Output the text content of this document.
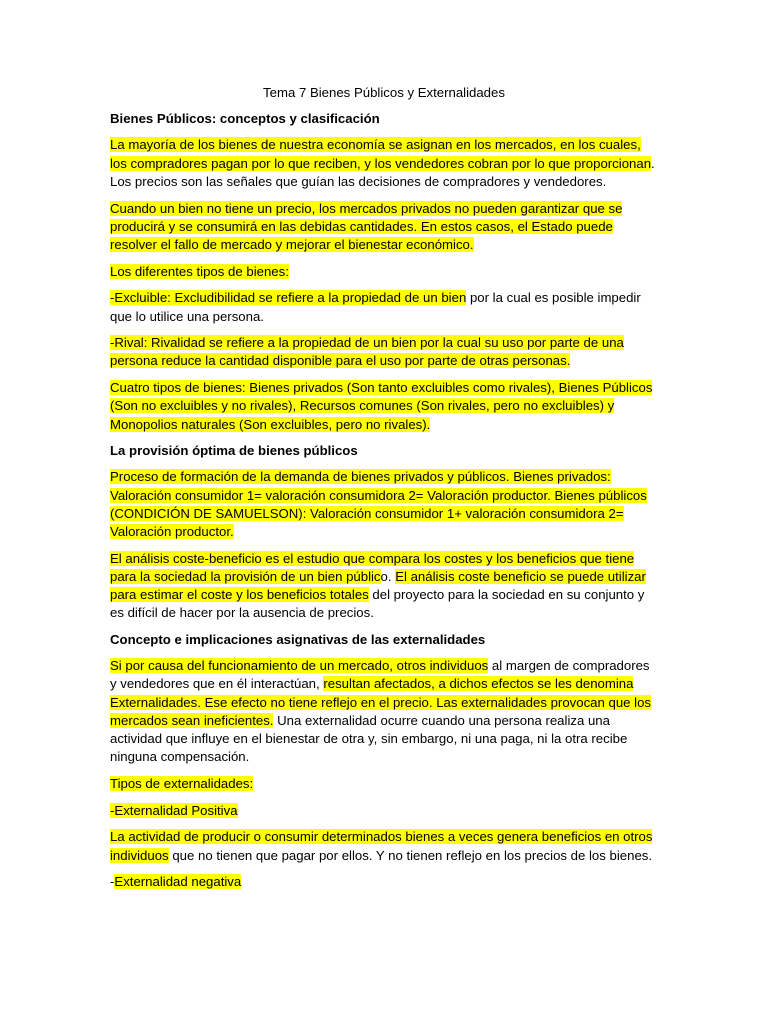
Tema 7 Bienes Públicos y Externalidades
Bienes Públicos: conceptos y clasificación
La mayoría de los bienes de nuestra economía se asignan en los mercados, en los cuales, los compradores pagan por lo que reciben, y los vendedores cobran por lo que proporcionan. Los precios son las señales que guían las decisiones de compradores y vendedores.
Cuando un bien no tiene un precio, los mercados privados no pueden garantizar que se producirá y se consumirá en las debidas cantidades. En estos casos, el Estado puede resolver el fallo de mercado y mejorar el bienestar económico.
Los diferentes tipos de bienes:
-Excluible: Excludibilidad se refiere a la propiedad de un bien por la cual es posible impedir que lo utilice una persona.
-Rival: Rivalidad se refiere a la propiedad de un bien por la cual su uso por parte de una persona reduce la cantidad disponible para el uso por parte de otras personas.
Cuatro tipos de bienes: Bienes privados (Son tanto excluibles como rivales), Bienes Públicos (Son no excluibles y no rivales), Recursos comunes (Son rivales, pero no excluibles) y Monopolios naturales (Son excluibles, pero no rivales).
La provisión óptima de bienes públicos
Proceso de formación de la demanda de bienes privados y públicos. Bienes privados: Valoración consumidor 1= valoración consumidora 2= Valoración productor. Bienes públicos (CONDICIÓN DE SAMUELSON): Valoración consumidor 1+ valoración consumidora 2= Valoración productor.
El análisis coste-beneficio es el estudio que compara los costes y los beneficios que tiene para la sociedad la provisión de un bien público. El análisis coste beneficio se puede utilizar para estimar el coste y los beneficios totales del proyecto para la sociedad en su conjunto y es difícil de hacer por la ausencia de precios.
Concepto e implicaciones asignativas de las externalidades
Si por causa del funcionamiento de un mercado, otros individuos al margen de compradores y vendedores que en él interactúan, resultan afectados, a dichos efectos se les denomina Externalidades. Ese efecto no tiene reflejo en el precio. Las externalidades provocan que los mercados sean ineficientes. Una externalidad ocurre cuando una persona realiza una actividad que influye en el bienestar de otra y, sin embargo, ni una paga, ni la otra recibe ninguna compensación.
Tipos de externalidades:
-Externalidad Positiva
La actividad de producir o consumir determinados bienes a veces genera beneficios en otros individuos que no tienen que pagar por ellos. Y no tienen reflejo en los precios de los bienes.
-Externalidad negativa
